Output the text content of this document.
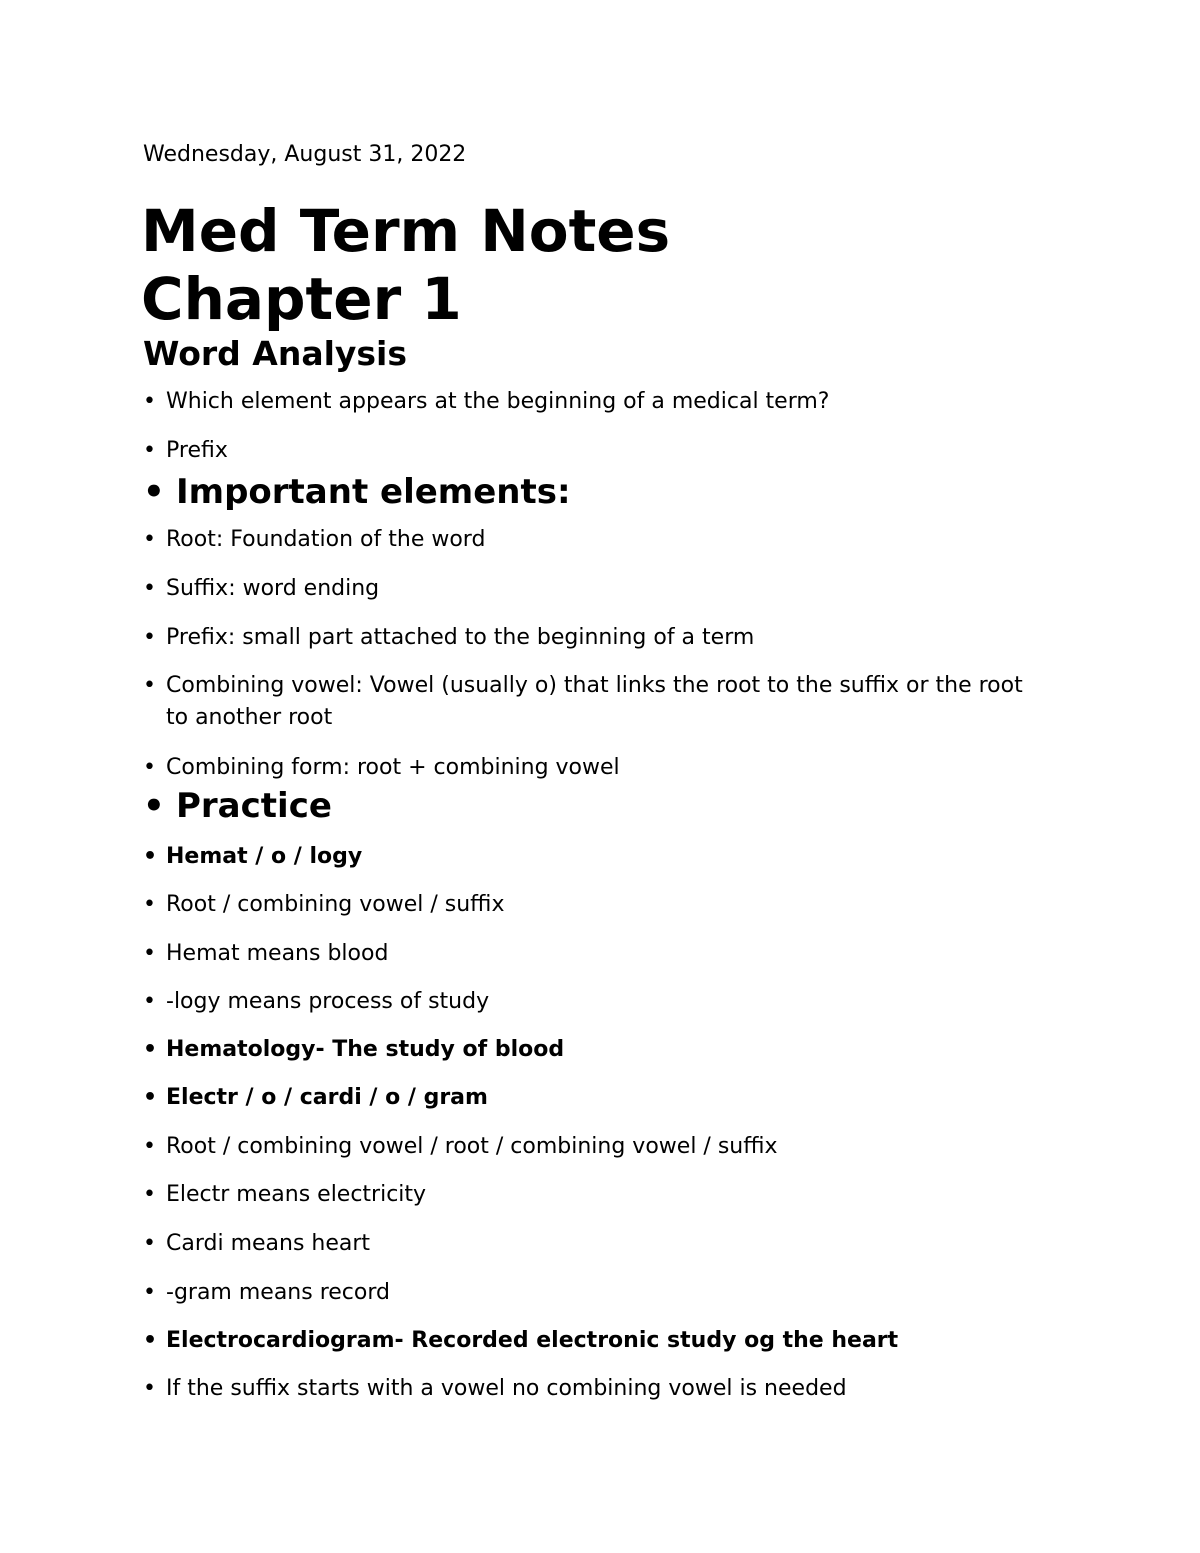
Wednesday, August 31, 2022
Med Term Notes
Chapter 1
Word Analysis
• Which element appears at the beginning of a medical term?
• Prefix
• Important elements:
• Root: Foundation of the word
• Suffix: word ending
• Prefix: small part attached to the beginning of a term
• Combining vowel: Vowel (usually o) that links the root to the suffix or the root to another root
• Combining form: root + combining vowel
• Practice
• Hemat / o / logy
• Root / combining vowel / suffix
• Hemat means blood
• -logy means process of study
• Hematology- The study of blood
• Electr / o / cardi / o / gram
• Root / combining vowel / root / combining vowel / suffix
• Electr means electricity
• Cardi means heart
• -gram means record
• Electrocardiogram- Recorded electronic study og the heart
• If the suffix starts with a vowel no combining vowel is needed
